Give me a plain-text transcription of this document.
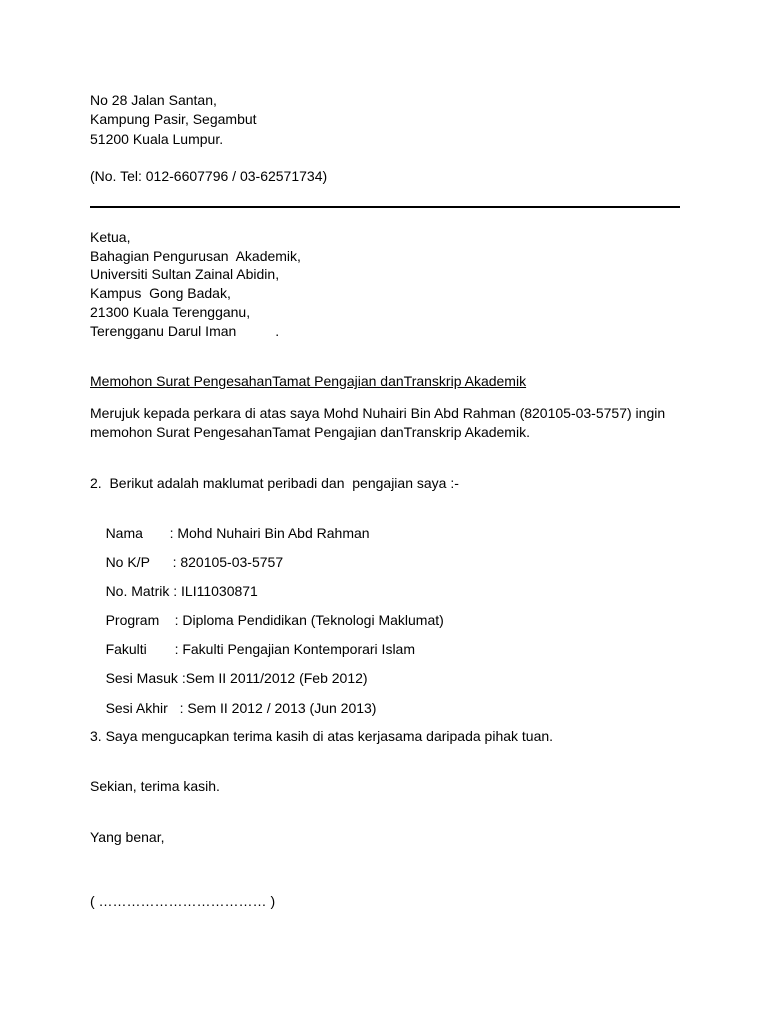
No 28 Jalan Santan,
Kampung Pasir, Segambut
51200 Kuala Lumpur.
(No. Tel: 012-6607796 / 03-62571734)
Ketua,
Bahagian Pengurusan  Akademik,
Universiti Sultan Zainal Abidin,
Kampus  Gong Badak,
21300 Kuala Terengganu,
Terengganu Darul Iman          .
Memohon Surat PengesahanTamat Pengajian danTranskrip Akademik
Merujuk kepada perkara di atas saya Mohd Nuhairi Bin Abd Rahman (820105-03-5757) ingin
memohon Surat PengesahanTamat Pengajian danTranskrip Akademik.
2.  Berikut adalah maklumat peribadi dan  pengajian saya :-

Nama : Mohd Nuhairi Bin Abd Rahman

No K/P : 820105-03-5757

No. Matrik : ILI11030871

Program : Diploma Pendidikan (Teknologi Maklumat)

Fakulti : Fakulti Pengajian Kontemporari Islam

Sesi Masuk :Sem II 2011/2012 (Feb 2012)

Sesi Akhir : Sem II 2012 / 2013 (Jun 2013)

3. Saya mengucapkan terima kasih di atas kerjasama daripada pihak tuan.
Sekian, terima kasih.
Yang benar,
( ……………………………… )
